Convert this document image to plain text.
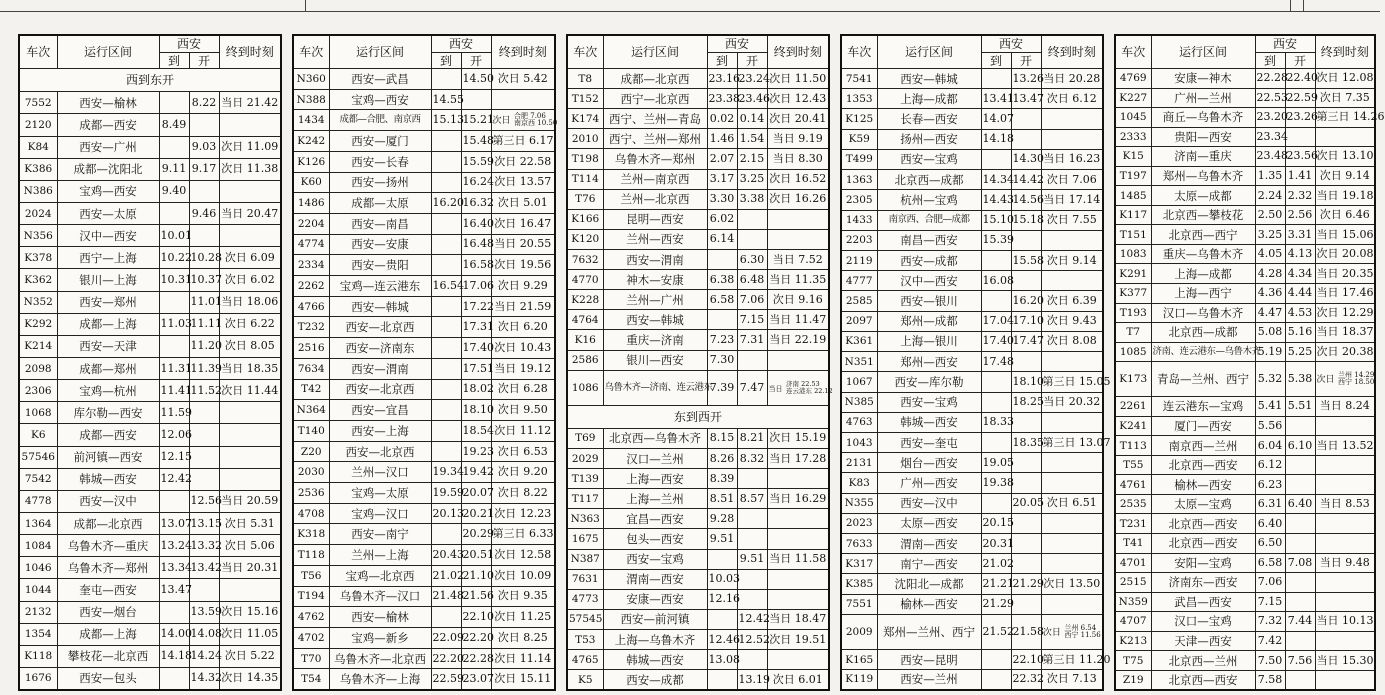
车次	运行区间	西安		终到时刻
		到	开	
西到东开				
7552	西安—榆林		8.22	当日 21.42
2120	成都—西安	8.49		
K84	西安—广州		9.03	次日 11.09
K386	成都—沈阳北	9.11	9.17	次日 11.38
N386	宝鸡—西安	9.40		
2024	西安—太原		9.46	当日 20.47
N356	汉中—西安	10.01		
K378	西宁—上海	10.22	10.28	次日 6.09
K362	银川—上海	10.31	10.37	次日 6.02
N352	西安—郑州		11.01	当日 18.06
K292	成都—上海	11.03	11.11	次日 6.22
K214	西安—天津		11.20	次日 8.05
2098	成都—郑州	11.31	11.39	当日 18.35
2306	宝鸡—杭州	11.41	11.52	次日 11.44
1068	库尔勒—西安	11.59		
K6	成都—西安	12.06		
57546	前河镇—西安	12.15		
7542	韩城—西安	12.42		
4778	西安—汉中		12.56	当日 20.59
1364	成都—北京西	13.07	13.15	次日 5.31
1084	乌鲁木齐—重庆	13.24	13.32	次日 5.06
1046	乌鲁木齐—郑州	13.34	13.42	当日 20.31
1044	奎屯—西安	13.47		
2132	西安—烟台		13.59	次日 15.16
1354	成都—上海	14.00	14.08	次日 11.05
K118	攀枝花—北京西	14.18	14.24	次日 5.22
1676	西安—包头		14.32	次日 14.35
车次	运行区间	西安		终到时刻
		到	开	
N360	西安—武昌		14.50	次日 5.42
N388	宝鸡—西安	14.55		
1434	成都—合肥、南京西	15.13	15.21	次日 合肥 7.06
南京西 10.50
K242	西安—厦门		15.48	第三日 6.17
K126	西安—长春		15.59	次日 22.58
K60	西安—扬州		16.24	次日 13.57
1486	成都—太原	16.20	16.32	次日 5.01
2204	西安—南昌		16.40	次日 16.47
4774	西安—安康		16.48	当日 20.55
2334	西安—贵阳		16.58	次日 19.56
2262	宝鸡—连云港东	16.54	17.06	次日 9.29
4766	西安—韩城		17.22	当日 21.59
T232	西安—北京西		17.31	次日 6.20
2516	西安—济南东		17.40	次日 10.43
7634	西安—渭南		17.51	当日 19.12
T42	西安—北京西		18.02	次日 6.28
N364	西安—宜昌		18.10	次日 9.50
T140	西安—上海		18.54	次日 11.12
Z20	西安—北京西		19.23	次日 6.53
2030	兰州—汉口	19.34	19.42	次日 9.20
2536	宝鸡—太原	19.59	20.07	次日 8.22
4708	宝鸡—汉口	20.13	20.21	次日 12.23
K318	西安—南宁		20.29	第三日 6.33
T118	兰州—上海	20.43	20.51	次日 12.58
T56	宝鸡—北京西	21.02	21.10	次日 10.09
T194	乌鲁木齐—汉口	21.48	21.56	次日 9.35
4762	西安—榆林		22.10	次日 11.25
4702	宝鸡—新乡	22.09	22.20	次日 8.25
T70	乌鲁木齐—北京西	22.20	22.28	次日 11.14
T54	乌鲁木齐—上海	22.59	23.07	次日 15.11
车次	运行区间	西安		终到时刻
		到	开	
T8	成都—北京西	23.16	23.24	次日 11.50
T152	西宁—北京西	23.38	23.46	次日 12.43
K174	西宁、兰州—青岛	0.02	0.14	次日 20.41
2010	西宁、兰州—郑州	1.46	1.54	当日 9.19
T198	乌鲁木齐—郑州	2.07	2.15	当日 8.30
T114	兰州—南京西	3.17	3.25	次日 16.52
T76	兰州—北京西	3.30	3.38	次日 16.26
K166	昆明—西安	6.02		
K120	兰州—西安	6.14		
7632	西安—渭南		6.30	当日 7.52
4770	神木—安康	6.38	6.48	当日 11.35
K228	兰州—广州	6.58	7.06	次日 9.16
4764	西安—韩城		7.15	当日 11.47
K16	重庆—济南	7.23	7.31	当日 22.19
2586	银川—西安	7.30		
1086	乌鲁木齐—济南、连云港东	7.39	7.47	当日 济南 22.53
连云港东 22.12
东到西开				
T69	北京西—乌鲁木齐	8.15	8.21	次日 15.19
2029	汉口—兰州	8.26	8.32	当日 17.28
T139	上海—西安	8.39		
T117	上海—兰州	8.51	8.57	当日 16.29
N363	宜昌—西安	9.28		
1675	包头—西安	9.51		
N387	西安—宝鸡		9.51	当日 11.58
7631	渭南—西安	10.03		
4773	安康—西安	12.16		
57545	西安—前河镇		12.42	当日 18.47
T53	上海—乌鲁木齐	12.46	12.52	次日 19.51
4765	韩城—西安	13.08		
K5	西安—成都		13.19	次日 6.01
车次	运行区间	西安		终到时刻
		到	开	
7541	西安—韩城		13.26	当日 20.28
1353	上海—成都	13.41	13.47	次日 6.12
K125	长春—西安	14.07		
K59	扬州—西安	14.18		
T499	西安—宝鸡		14.30	当日 16.23
1363	北京西—成都	14.34	14.42	次日 7.06
2305	杭州—宝鸡	14.43	14.56	当日 17.14
1433	南京西、合肥—成都	15.10	15.18	次日 7.55
2203	南昌—西安	15.39		
2119	西安—成都		15.58	次日 9.14
4777	汉中—西安	16.08		
2585	西安—银川		16.20	次日 6.39
2097	郑州—成都	17.04	17.10	次日 9.43
K361	上海—银川	17.40	17.47	次日 8.08
N351	郑州—西安	17.48		
1067	西安—库尔勒		18.10	第三日 15.05
N385	西安—宝鸡		18.25	当日 20.32
4763	韩城—西安	18.33		
1043	西安—奎屯		18.35	第三日 13.07
2131	烟台—西安	19.05		
K83	广州—西安	19.38		
N355	西安—汉中		20.05	次日 6.51
2023	太原—西安	20.15		
7633	渭南—西安	20.31		
K317	南宁—西安	21.02		
K385	沈阳北—成都	21.21	21.29	次日 13.50
7551	榆林—西安	21.29		
2009	郑州—兰州、西宁	21.52	21.58	次日 兰州 6.54
西宁 11.56
K165	西安—昆明		22.10	第三日 11.20
K119	西安—兰州		22.32	次日 7.13
车次	运行区间	西安		终到时刻
		到	开	
4769	安康—神木	22.28	22.40	次日 12.08
K227	广州—兰州	22.53	22.59	次日 7.35
1045	商丘—乌鲁木齐	23.20	23.26	第三日 14.26
2333	贵阳—西安	23.34		
K15	济南—重庆	23.48	23.56	次日 13.10
T197	郑州—乌鲁木齐	1.35	1.41	次日 9.14
1485	太原—成都	2.24	2.32	当日 19.18
K117	北京西—攀枝花	2.50	2.56	次日 6.46
T151	北京西—西宁	3.25	3.31	当日 15.06
1083	重庆—乌鲁木齐	4.05	4.13	次日 20.08
K291	上海—成都	4.28	4.34	当日 20.35
K377	上海—西宁	4.36	4.44	当日 17.46
T193	汉口—乌鲁木齐	4.47	4.53	次日 12.29
T7	北京西—成都	5.08	5.16	当日 18.37
1085	济南、连云港东—乌鲁木齐	5.19	5.25	次日 20.38
K173	青岛—兰州、西宁	5.32	5.38	次日 兰州 14.29
西宁 18.50
2261	连云港东—宝鸡	5.41	5.51	当日 8.24
K241	厦门—西安	5.56		
T113	南京西—兰州	6.04	6.10	当日 13.52
T55	北京西—西安	6.12		
4761	榆林—西安	6.23		
2535	太原—宝鸡	6.31	6.40	当日 8.53
T231	北京西—西安	6.40		
T41	北京西—西安	6.50		
4701	安阳—宝鸡	6.58	7.08	当日 9.48
2515	济南东—西安	7.06		
N359	武昌—西安	7.15		
4707	汉口—宝鸡	7.32	7.44	当日 10.13
K213	天津—西安	7.42		
T75	北京西—兰州	7.50	7.56	当日 15.30
Z19	北京西—西安	7.58		
